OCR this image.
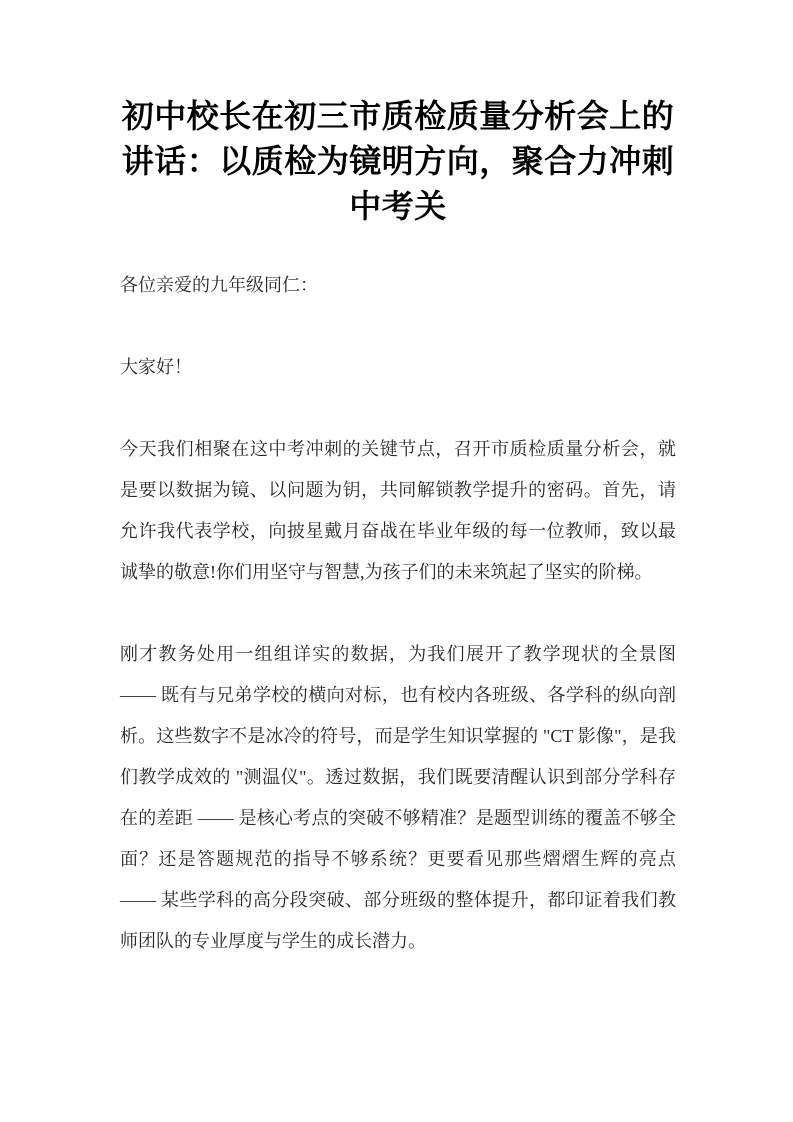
初中校长在初三市质检质量分析会上的讲话：以质检为镜明方向，聚合力冲刺中考关

各位亲爱的九年级同仁：

大家好！

今天我们相聚在这中考冲刺的关键节点，召开市质检质量分析会，就是要以数据为镜、以问题为钥，共同解锁教学提升的密码。首先，请允许我代表学校，向披星戴月奋战在毕业年级的每一位教师，致以最诚挚的敬意!你们用坚守与智慧,为孩子们的未来筑起了坚实的阶梯。

刚才教务处用一组组详实的数据，为我们展开了教学现状的全景图 —— 既有与兄弟学校的横向对标，也有校内各班级、各学科的纵向剖析。这些数字不是冰冷的符号，而是学生知识掌握的 "CT 影像"，是我们教学成效的 "测温仪"。透过数据，我们既要清醒认识到部分学科存在的差距 —— 是核心考点的突破不够精准？是题型训练的覆盖不够全面？还是答题规范的指导不够系统？更要看见那些熠熠生辉的亮点 —— 某些学科的高分段突破、部分班级的整体提升，都印证着我们教师团队的专业厚度与学生的成长潜力。
